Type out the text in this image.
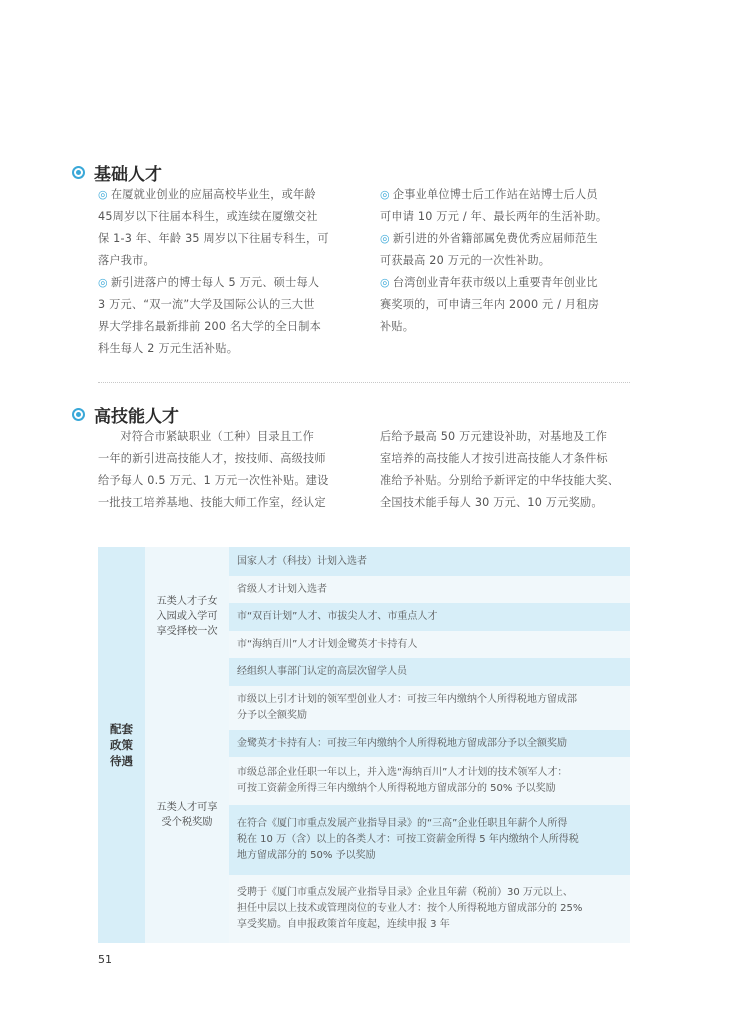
基础人才

◎ 在厦就业创业的应届高校毕业生，或年龄

45周岁以下往届本科生，或连续在厦缴交社

保 1-3 年、年龄 35 周岁以下往届专科生，可

落户我市。

◎ 新引进落户的博士每人 5 万元、硕士每人

3 万元、“双一流”大学及国际公认的三大世

界大学排名最新排前 200 名大学的全日制本

科生每人 2 万元生活补贴。

◎ 企事业单位博士后工作站在站博士后人员

可申请 10 万元 / 年、最长两年的生活补助。

◎ 新引进的外省籍部属免费优秀应届师范生

可获最高 20 万元的一次性补助。

◎ 台湾创业青年获市级以上重要青年创业比

赛奖项的，可申请三年内 2000 元 / 月租房

补贴。

高技能人才

对符合市紧缺职业（工种）目录且工作

一年的新引进高技能人才，按技师、高级技师

给予每人 0.5 万元、1 万元一次性补贴。建设

一批技工培养基地、技能大师工作室，经认定

后给予最高 50 万元建设补助，对基地及工作

室培养的高技能人才按引进高技能人才条件标

准给予补贴。分别给予新评定的中华技能大奖、

全国技术能手每人 30 万元、10 万元奖励。

配套
政策
待遇
五类人才子女
入园或入学可
享受择校一次
五类人才可享
受个税奖励
国家人才（科技）计划入选者
省级人才计划入选者
市“双百计划”人才、市拔尖人才、市重点人才
市“海纳百川”人才计划金鹭英才卡持有人
经组织人事部门认定的高层次留学人员
市级以上引才计划的领军型创业人才：可按三年内缴纳个人所得税地方留成部
分予以全额奖励
金鹭英才卡持有人：可按三年内缴纳个人所得税地方留成部分予以全额奖励
市级总部企业任职一年以上，并入选“海纳百川”人才计划的技术领军人才：
可按工资薪金所得三年内缴纳个人所得税地方留成部分的 50% 予以奖励
在符合《厦门市重点发展产业指导目录》的“三高”企业任职且年薪个人所得
税在 10 万（含）以上的各类人才：可按工资薪金所得 5 年内缴纳个人所得税
地方留成部分的 50% 予以奖励
受聘于《厦门市重点发展产业指导目录》企业且年薪（税前）30 万元以上、
担任中层以上技术或管理岗位的专业人才：按个人所得税地方留成部分的 25%
享受奖励。自申报政策首年度起，连续申报 3 年
51
